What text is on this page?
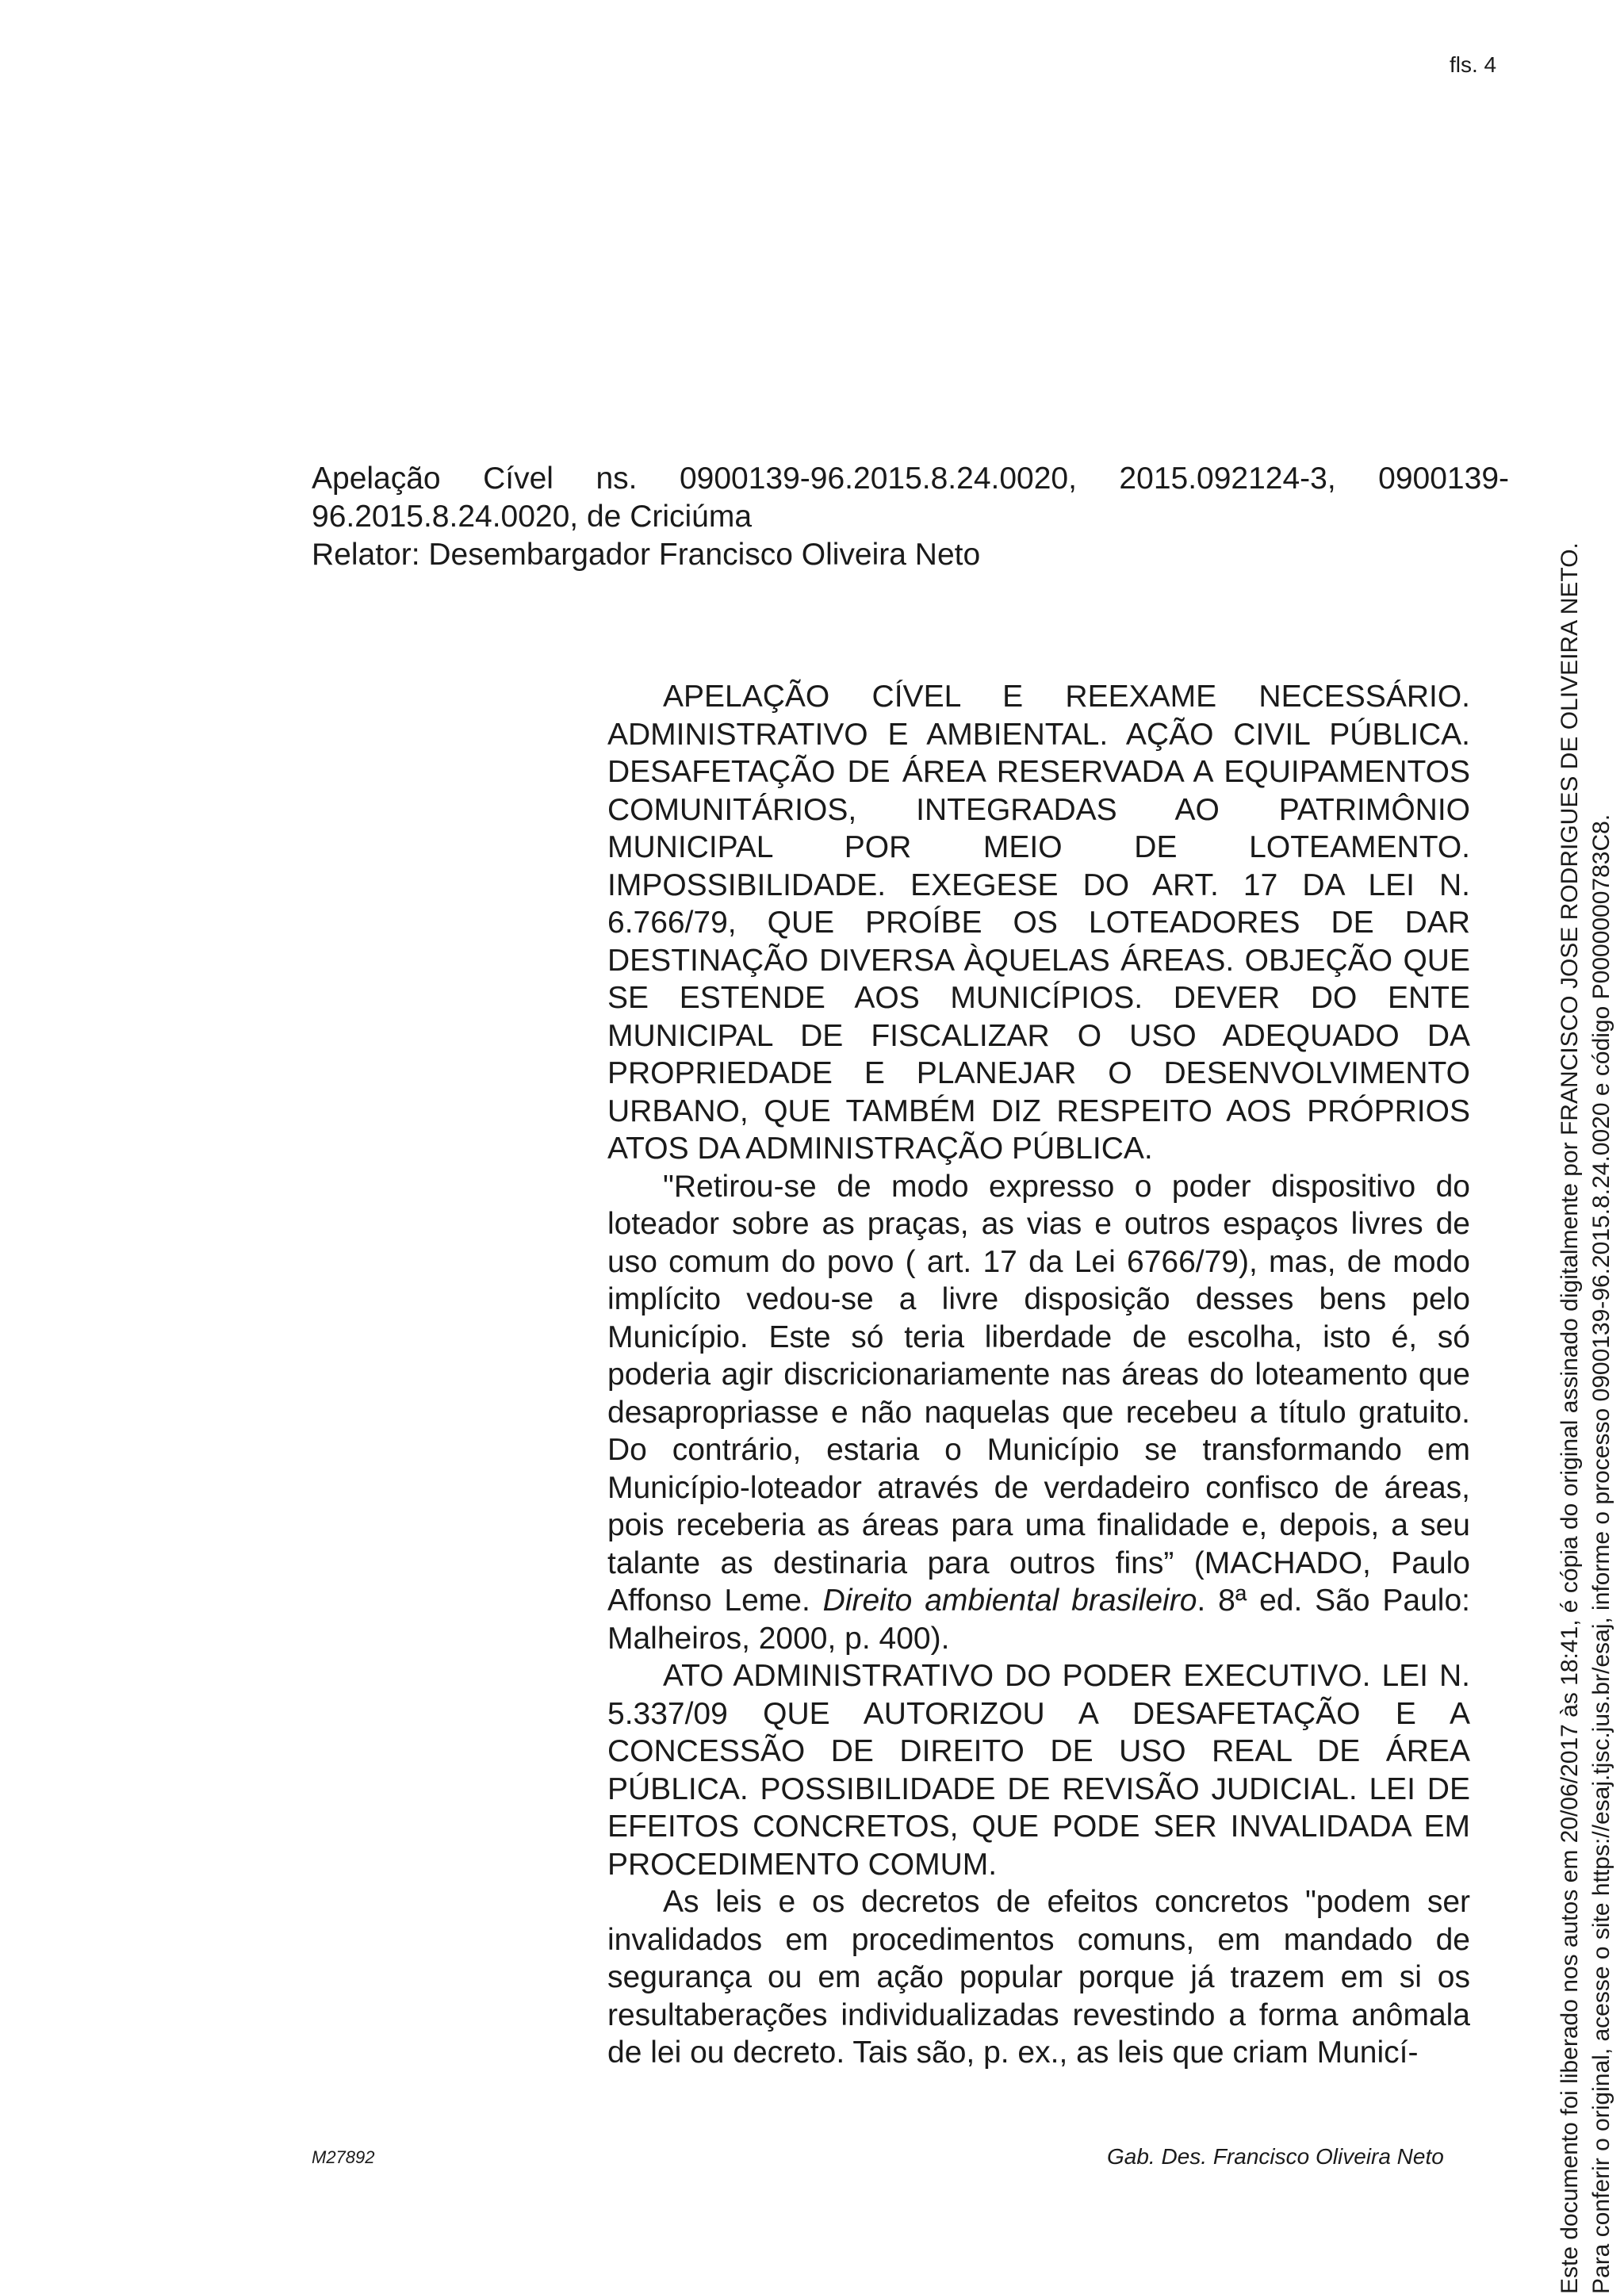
fls. 4
Apelação Cível ns. 0900139-96.2015.8.24.0020, 2015.092124-3, 0900139-
96.2015.8.24.0020, de Criciúma
Relator: Desembargador Francisco Oliveira Neto

APELAÇÃO CÍVEL E REEXAME NECESSÁRIO. ADMINISTRATIVO E AMBIENTAL. AÇÃO CIVIL PÚBLICA. DESAFETAÇÃO DE ÁREA RESERVADA A EQUIPAMENTOS COMUNITÁRIOS, INTEGRADAS AO PATRIMÔNIO MUNICIPAL POR MEIO DE LOTEAMENTO. IMPOSSIBILIDADE. EXEGESE DO ART. 17 DA LEI N. 6.766/79, QUE PROÍBE OS LOTEADORES DE DAR DESTINAÇÃO DIVERSA ÀQUELAS ÁREAS. OBJEÇÃO QUE SE ESTENDE AOS MUNICÍPIOS. DEVER DO ENTE MUNICIPAL DE FISCALIZAR O USO ADEQUADO DA PROPRIEDADE E PLANEJAR O DESENVOLVIMENTO URBANO, QUE TAMBÉM DIZ RESPEITO AOS PRÓPRIOS ATOS DA ADMINISTRAÇÃO PÚBLICA.

"Retirou-se de modo expresso o poder dispositivo do loteador sobre as praças, as vias e outros espaços livres de uso comum do povo ( art. 17 da Lei 6766/79), mas, de modo implícito vedou-se a livre disposição desses bens pelo Município. Este só teria liberdade de escolha, isto é, só poderia agir discricionariamente nas áreas do loteamento que desapropriasse e não naquelas que recebeu a título gratuito. Do contrário, estaria o Município se transformando em Município-loteador através de verdadeiro confisco de áreas, pois receberia as áreas para uma finalidade e, depois, a seu talante as destinaria para outros fins” (MACHADO, Paulo Affonso Leme. Direito ambiental brasileiro. 8ª ed. São Paulo: Malheiros, 2000, p. 400).

ATO ADMINISTRATIVO DO PODER EXECUTIVO. LEI N. 5.337/09 QUE AUTORIZOU A DESAFETAÇÃO E A CONCESSÃO DE DIREITO DE USO REAL DE ÁREA PÚBLICA. POSSIBILIDADE DE REVISÃO JUDICIAL. LEI DE EFEITOS CONCRETOS, QUE PODE SER INVALIDADA EM PROCEDIMENTO COMUM.

As leis e os decretos de efeitos concretos "podem ser invalidados em procedimentos comuns, em mandado de segurança ou em ação popular porque já trazem em si os resultaberações individualizadas revestindo a forma anômala de lei ou decreto. Tais são, p. ex., as leis que criam Municí-

M27892	Gab. Des. Francisco Oliveira Neto	Este documento foi liberado nos autos em 20/06/2017 às 18:41, é cópia do original assinado digitalmente por FRANCISCO JOSE RODRIGUES DE OLIVEIRA NETO. Para conferir o original, acesse o site https://esaj.tjsc.jus.br/esaj, informe o processo 0900139-96.2015.8.24.0020 e código P0000000783C8.
